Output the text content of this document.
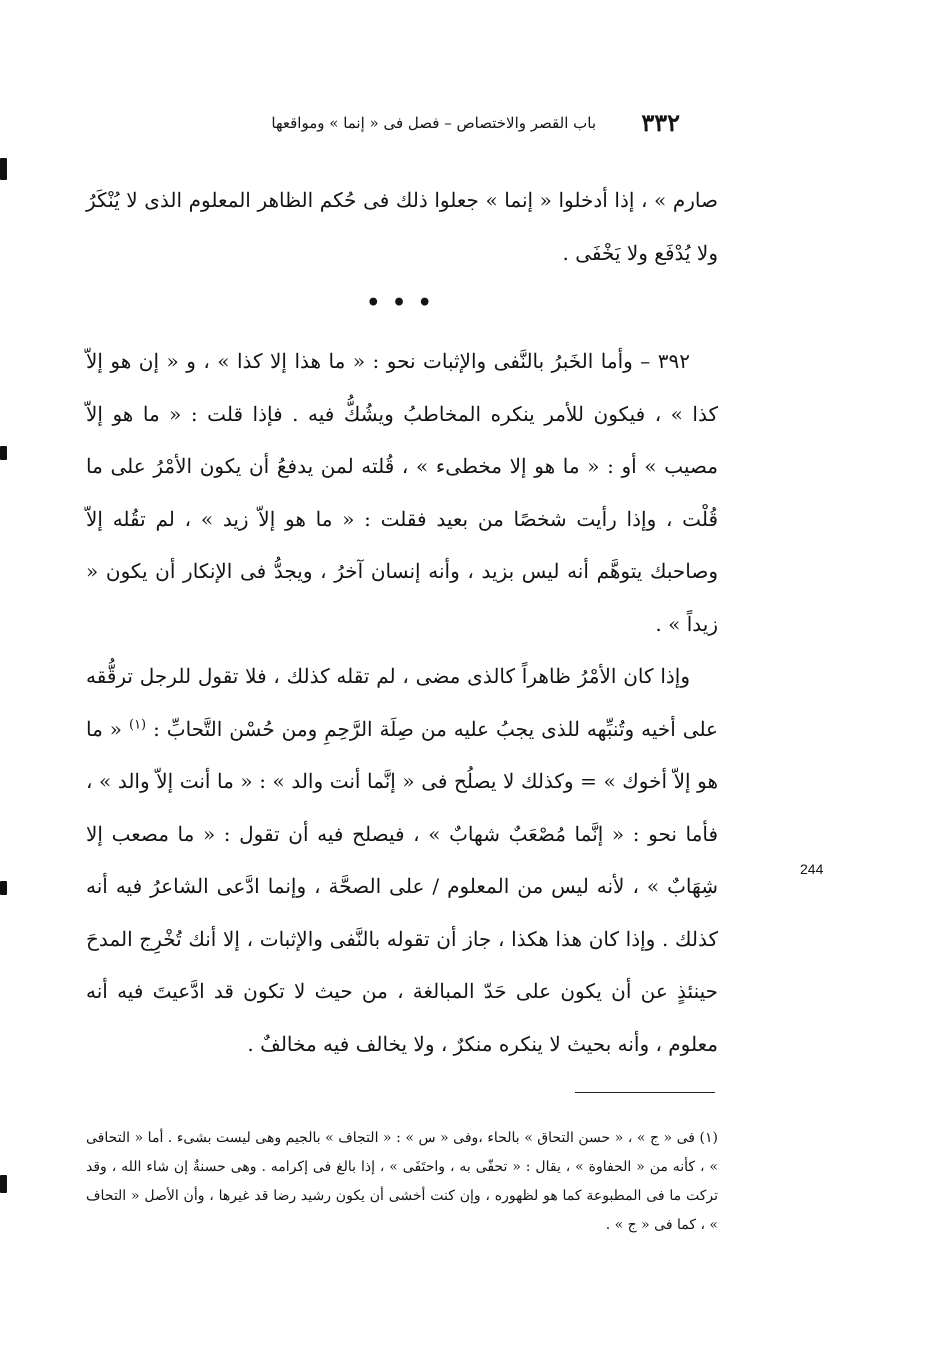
٣٣٢
باب القصر والاختصاص – فصل فى « إنما » ومواقعها

صارم » ، إذا أدخلوا « إنما » جعلوا ذلك فى حُكم الظاهر المعلوم الذى لا يُنْكَرُ ولا يُدْفَع ولا يَخْفَى .

• • •

٣٩٢ – وأما الخَبرُ بالنَّفى والإثبات نحو : « ما هذا إلا كذا » ، و « إن هو إلاّ كذا » ، فيكون للأمر ينكره المخاطبُ ويشُكُّ فيه . فإذا قلت : « ما هو إلاّ مصيب » أو : « ما هو إلا مخطىء » ، قُلته لمن يدفعُ أن يكون الأمْرُ على ما قُلْت ، وإذا رأيت شخصًا من بعيد فقلت : « ما هو إلاّ زيد » ، لم تقُله إلاّ وصاحبك يتوهَّم أنه ليس بزيد ، وأنه إنسان آخرُ ، ويجدُّ فى الإنكار أن يكون « زيداً » .

وإذا كان الأمْرُ ظاهراً كالذى مضى ، لم تقله كذلك ، فلا تقول للرجل ترقُّقه على أخيه وتُنبِّهه للذى يجبُ عليه من صِلَة الرَّحِمِ ومن حُسْن التَّحابِّ : $^{(١)}$ « ما هو إلاّ أخوك » = وكذلك لا يصلُح فى « إنَّما أنت والد » : « ما أنت إلاّ والد » ، فأما نحو : « إنَّما مُصْعَبٌ شهابٌ » ، فيصلح فيه أن تقول : « ما مصعب إلا شِهَابٌ » ، لأنه ليس من المعلوم / على الصحَّة ، وإنما ادَّعى الشاعرُ فيه أنه كذلك . وإذا كان هذا هكذا ، جاز أن تقوله بالنَّفى والإثبات ، إلا أنك تُخْرِج المدحَ حينئذٍ عن أن يكون على حَدّ المبالغة ، من حيث لا تكون قد ادَّعيتَ فيه أنه معلوم ، وأنه بحيث لا ينكره منكرٌ ، ولا يخالف فيه مخالفٌ .

244

(١) فى « ج » ، « حسن التحاق » بالحاء ،وفى « س » : « التجاف » بالجيم وهى ليست بشىء . أما « التحافى » ، كأنه من « الحفاوة » ، يقال : « تحفّى به ، واحتَفَى » ، إذا بالغ فى إكرامه . وهى حسنةٌ إن شاء الله ، وقد تركت ما فى المطبوعة كما هو لظهوره ، وإن كنت أخشى أن يكون رشيد رضا قد غيرها ، وأن الأصل « التحاف » ، كما فى « ج » .
